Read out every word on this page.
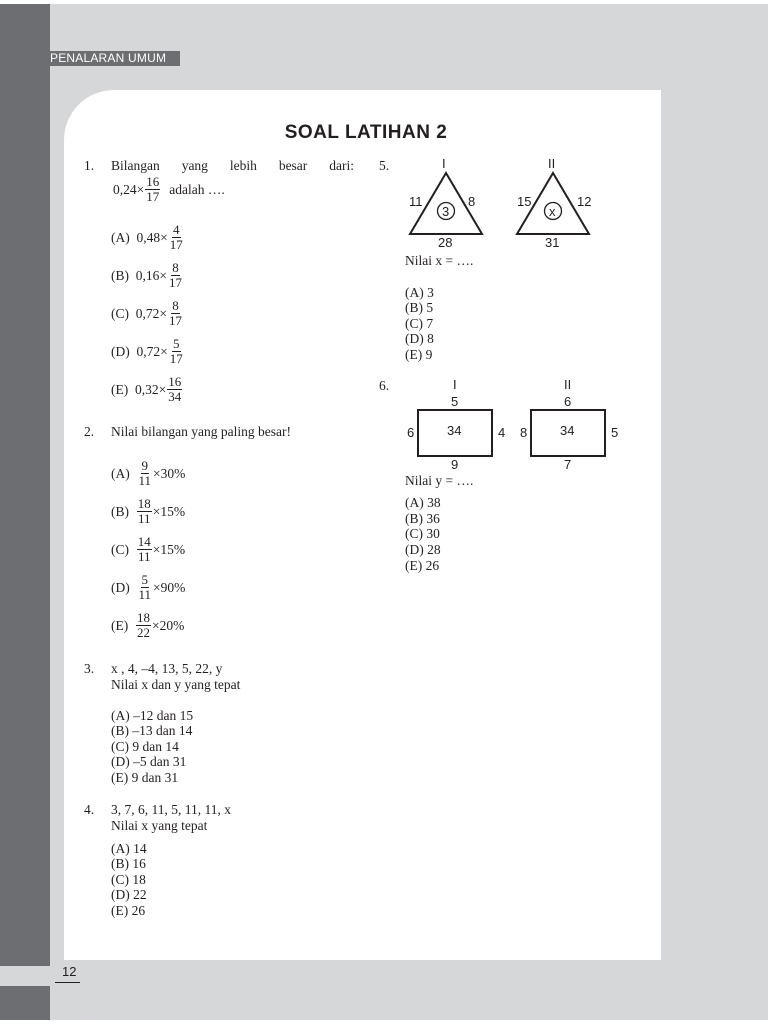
PENALARAN UMUM
SOAL LATIHAN 2
1. Bilangan yang lebih besar dari:
$0,24 \times \frac{16}{17}$ adalah ….
(A)
$0,48 \times \frac{4}{17}$
(B)
$0,16 \times \frac{8}{17}$
(C)
$0,72 \times \frac{8}{17}$
(D)
$0,72 \times \frac{5}{17}$
(E)
$0,32 \times \frac{16}{34}$
2. Nilai bilangan yang paling besar!
(A)
$\frac{9}{11} \times 30\%$
(B)
$\frac{18}{11} \times 15\%$
(C)
$\frac{14}{11} \times 15\%$
(D)
$\frac{5}{11} \times 90\%$
(E)
$\frac{18}{22} \times 20\%$
3. x , 4, –4, 13, 5, 22, y
Nilai x dan y yang tepat
(A) –12 dan 15
(B) –13 dan 14
(C) 9 dan 14
(D) –5 dan 31
(E) 9 dan 31
4. 3, 7, 6, 11, 5, 11, 11, x
Nilai x yang tepat
(A) 14
(B) 16
(C) 18
(D) 22
(E) 26
5.	I
11	8
3
28
II
15	12
x
31
Nilai x = ….
(A) 3
(B) 5
(C) 7
(D) 8
(E) 9
6.	I
5
6	34	4
9
II
6
8	34	5
7
Nilai y = ….
(A) 38
(B) 36
(C) 30
(D) 28
(E) 26
12
